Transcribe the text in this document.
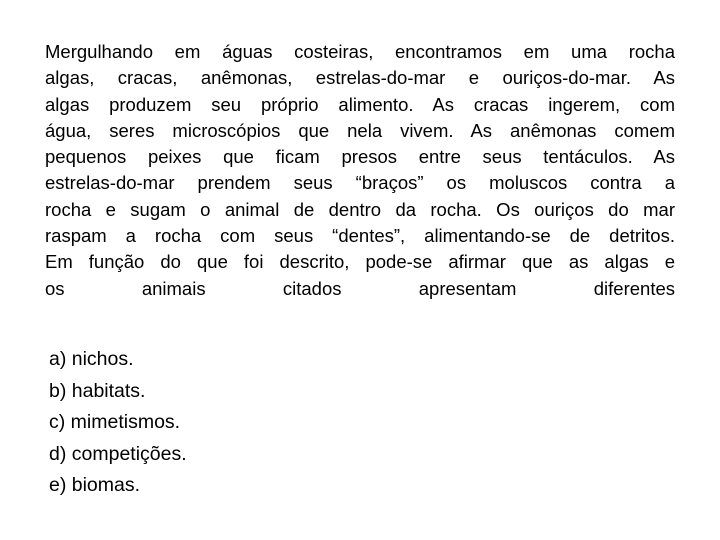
Mergulhando em águas costeiras, encontramos em uma rocha
algas, cracas, anêmonas, estrelas-do-mar e ouriços-do-mar. As
algas produzem seu próprio alimento. As cracas ingerem, com
água, seres microscópios que nela vivem. As anêmonas comem
pequenos peixes que ficam presos entre seus tentáculos. As
estrelas-do-mar prendem seus “braços” os moluscos contra a
rocha e sugam o animal de dentro da rocha. Os ouriços do mar
raspam a rocha com seus “dentes”, alimentando-se de detritos.
Em função do que foi descrito, pode-se afirmar que as algas e
os animais citados apresentam diferentes
a) nichos.
b) habitats.
c) mimetismos.
d) competições.
e) biomas.
